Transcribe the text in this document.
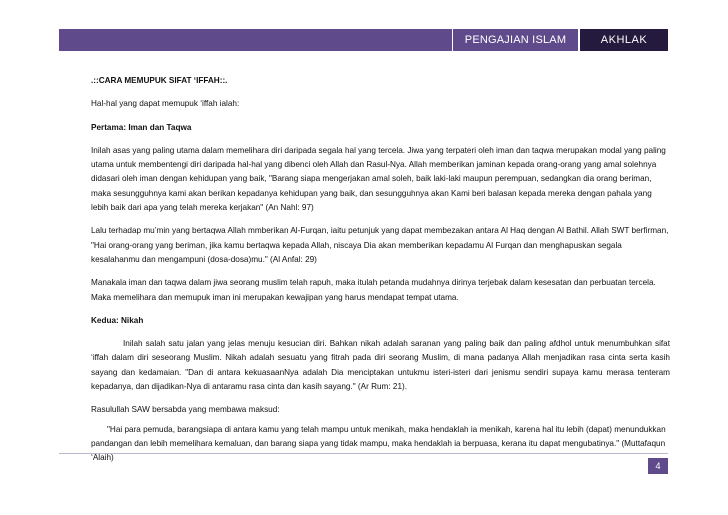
PENGAJIAN ISLAM	AKHLAK

.::CARA MEMUPUK SIFAT ‘IFFAH::.

Hal-hal yang dapat memupuk ‘iffah ialah:

Pertama: Iman dan Taqwa

Inilah asas yang paling utama dalam memelihara diri daripada segala hal yang tercela. Jiwa yang terpateri oleh iman dan taqwa merupakan modal yang paling utama untuk membentengi diri daripada hal-hal yang dibenci oleh Allah dan Rasul-Nya. Allah memberikan jaminan kepada orang-orang yang amal solehnya didasari oleh iman dengan kehidupan yang baik, "Barang siapa mengerjakan amal soleh, baik laki-laki maupun perempuan, sedangkan dia orang beriman, maka sesungguhnya kami akan berikan kepadanya kehidupan yang baik, dan sesungguhnya akan Kami beri balasan kepada mereka dengan pahala yang lebih baik dari apa yang telah mereka kerjakan" (An Nahl: 97)

Lalu terhadap mu’min yang bertaqwa Allah mmberikan Al-Furqan, iaitu petunjuk yang dapat membezakan antara Al Haq dengan Al Bathil. Allah SWT berfirman, "Hai orang-orang yang beriman, jika kamu bertaqwa kepada Allah, niscaya Dia akan memberikan kepadamu Al Furqan dan menghapuskan segala kesalahanmu dan mengampuni (dosa-dosa)mu." (Al Anfal: 29)

Manakala iman dan taqwa dalam jiwa seorang muslim telah rapuh, maka itulah petanda mudahnya dirinya terjebak dalam kesesatan dan perbuatan tercela. Maka memelihara dan memupuk iman ini merupakan kewajipan yang harus mendapat tempat utama.

Kedua: Nikah

Inilah salah satu jalan yang jelas menuju kesucian diri. Bahkan nikah adalah saranan yang paling baik dan paling afdhol untuk menumbuhkan sifat ‘iffah dalam diri seseorang Muslim. Nikah adalah sesuatu yang fitrah pada diri seorang Muslim, di mana padanya Allah menjadikan rasa cinta serta kasih sayang dan kedamaian. "Dan di antara kekuasaanNya adalah Dia menciptakan untukmu isteri-isteri dari jenismu sendiri supaya kamu merasa tenteram kepadanya, dan dijadikan-Nya di antaramu rasa cinta dan kasih sayang." (Ar Rum: 21).

Rasulullah SAW bersabda yang membawa maksud:

"Hai para pemuda, barangsiapa di antara kamu yang telah mampu untuk menikah, maka hendaklah ia menikah, karena hal itu lebih (dapat) menundukkan pandangan dan lebih memelihara kemaluan, dan barang siapa yang tidak mampu, maka hendaklah ia berpuasa, kerana itu dapat mengubatinya." (Muttafaqun ‘Alaih)

4
